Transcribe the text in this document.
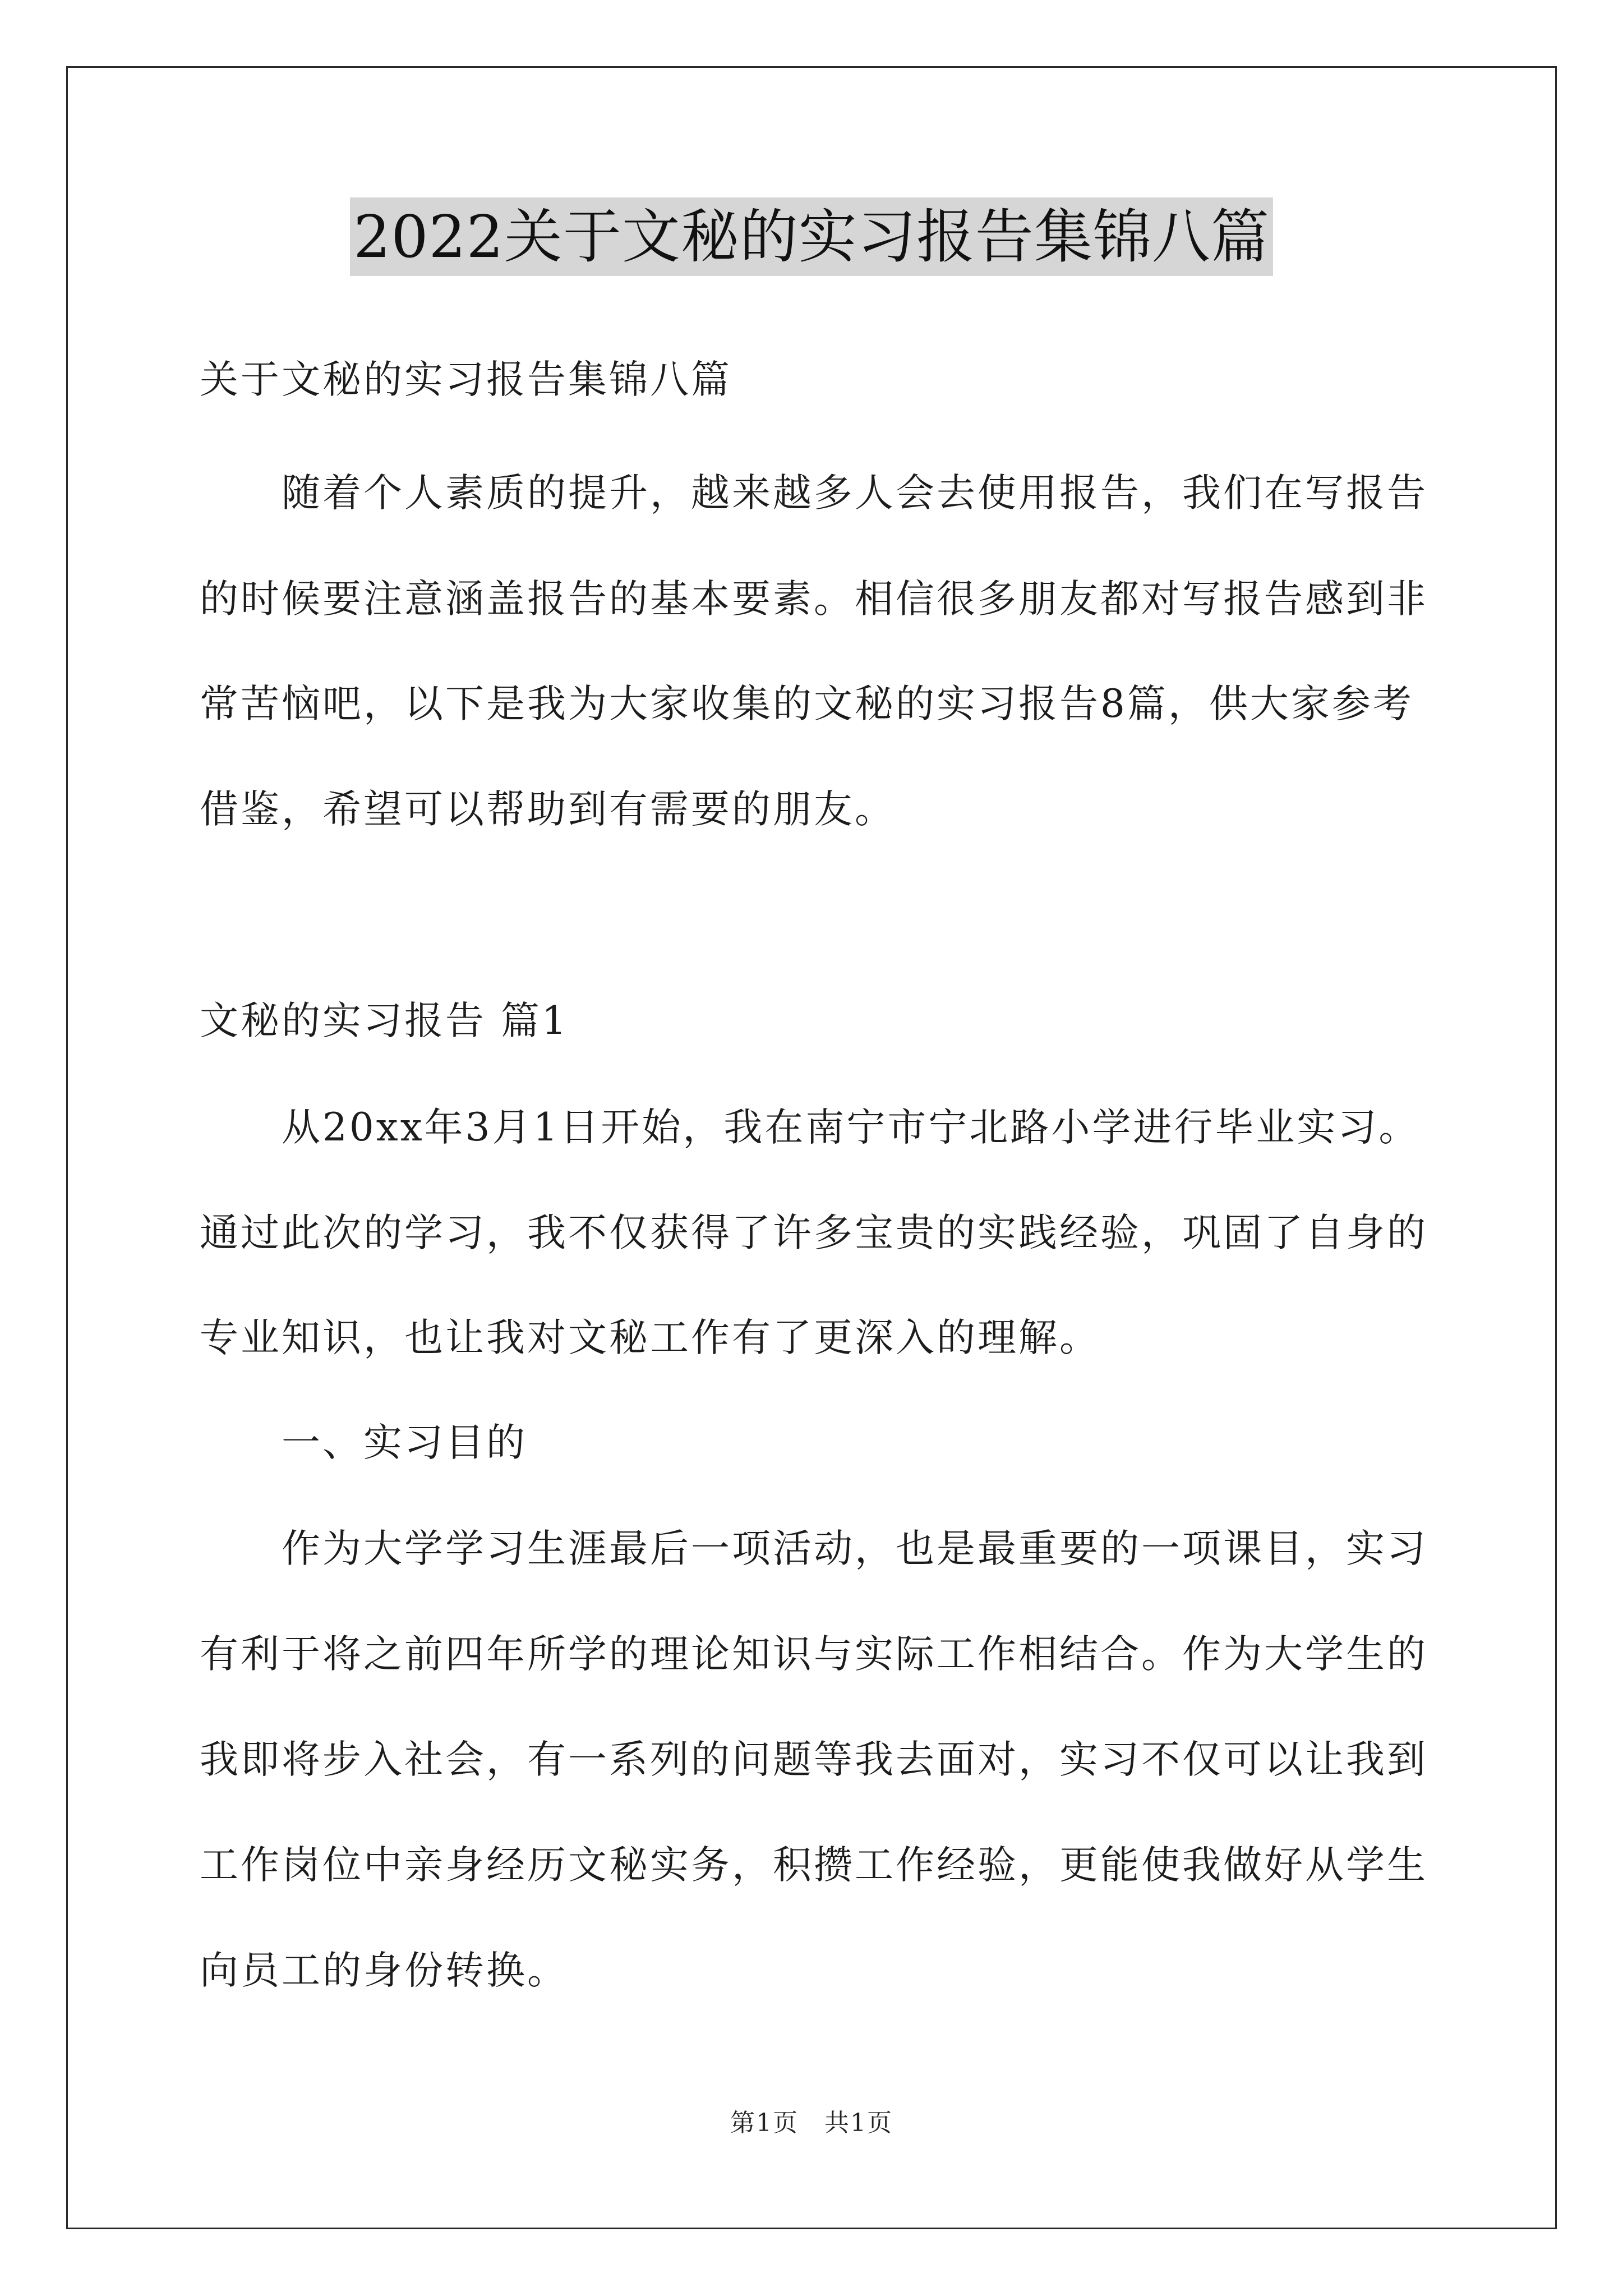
2022关于文秘的实习报告集锦八篇
关于文秘的实习报告集锦八篇
随着个人素质的提升，越来越多人会去使用报告，我们在写报告
的时候要注意涵盖报告的基本要素。相信很多朋友都对写报告感到非
常苦恼吧，以下是我为大家收集的文秘的实习报告8篇，供大家参考
借鉴，希望可以帮助到有需要的朋友。
文秘的实习报告 篇1
从20xx年3月1日开始，我在南宁市宁北路小学进行毕业实习。
通过此次的学习，我不仅获得了许多宝贵的实践经验，巩固了自身的
专业知识，也让我对文秘工作有了更深入的理解。
一、实习目的
作为大学学习生涯最后一项活动，也是最重要的一项课目，实习
有利于将之前四年所学的理论知识与实际工作相结合。作为大学生的
我即将步入社会，有一系列的问题等我去面对，实习不仅可以让我到
工作岗位中亲身经历文秘实务，积攒工作经验，更能使我做好从学生
向员工的身份转换。
第1页　共1页
